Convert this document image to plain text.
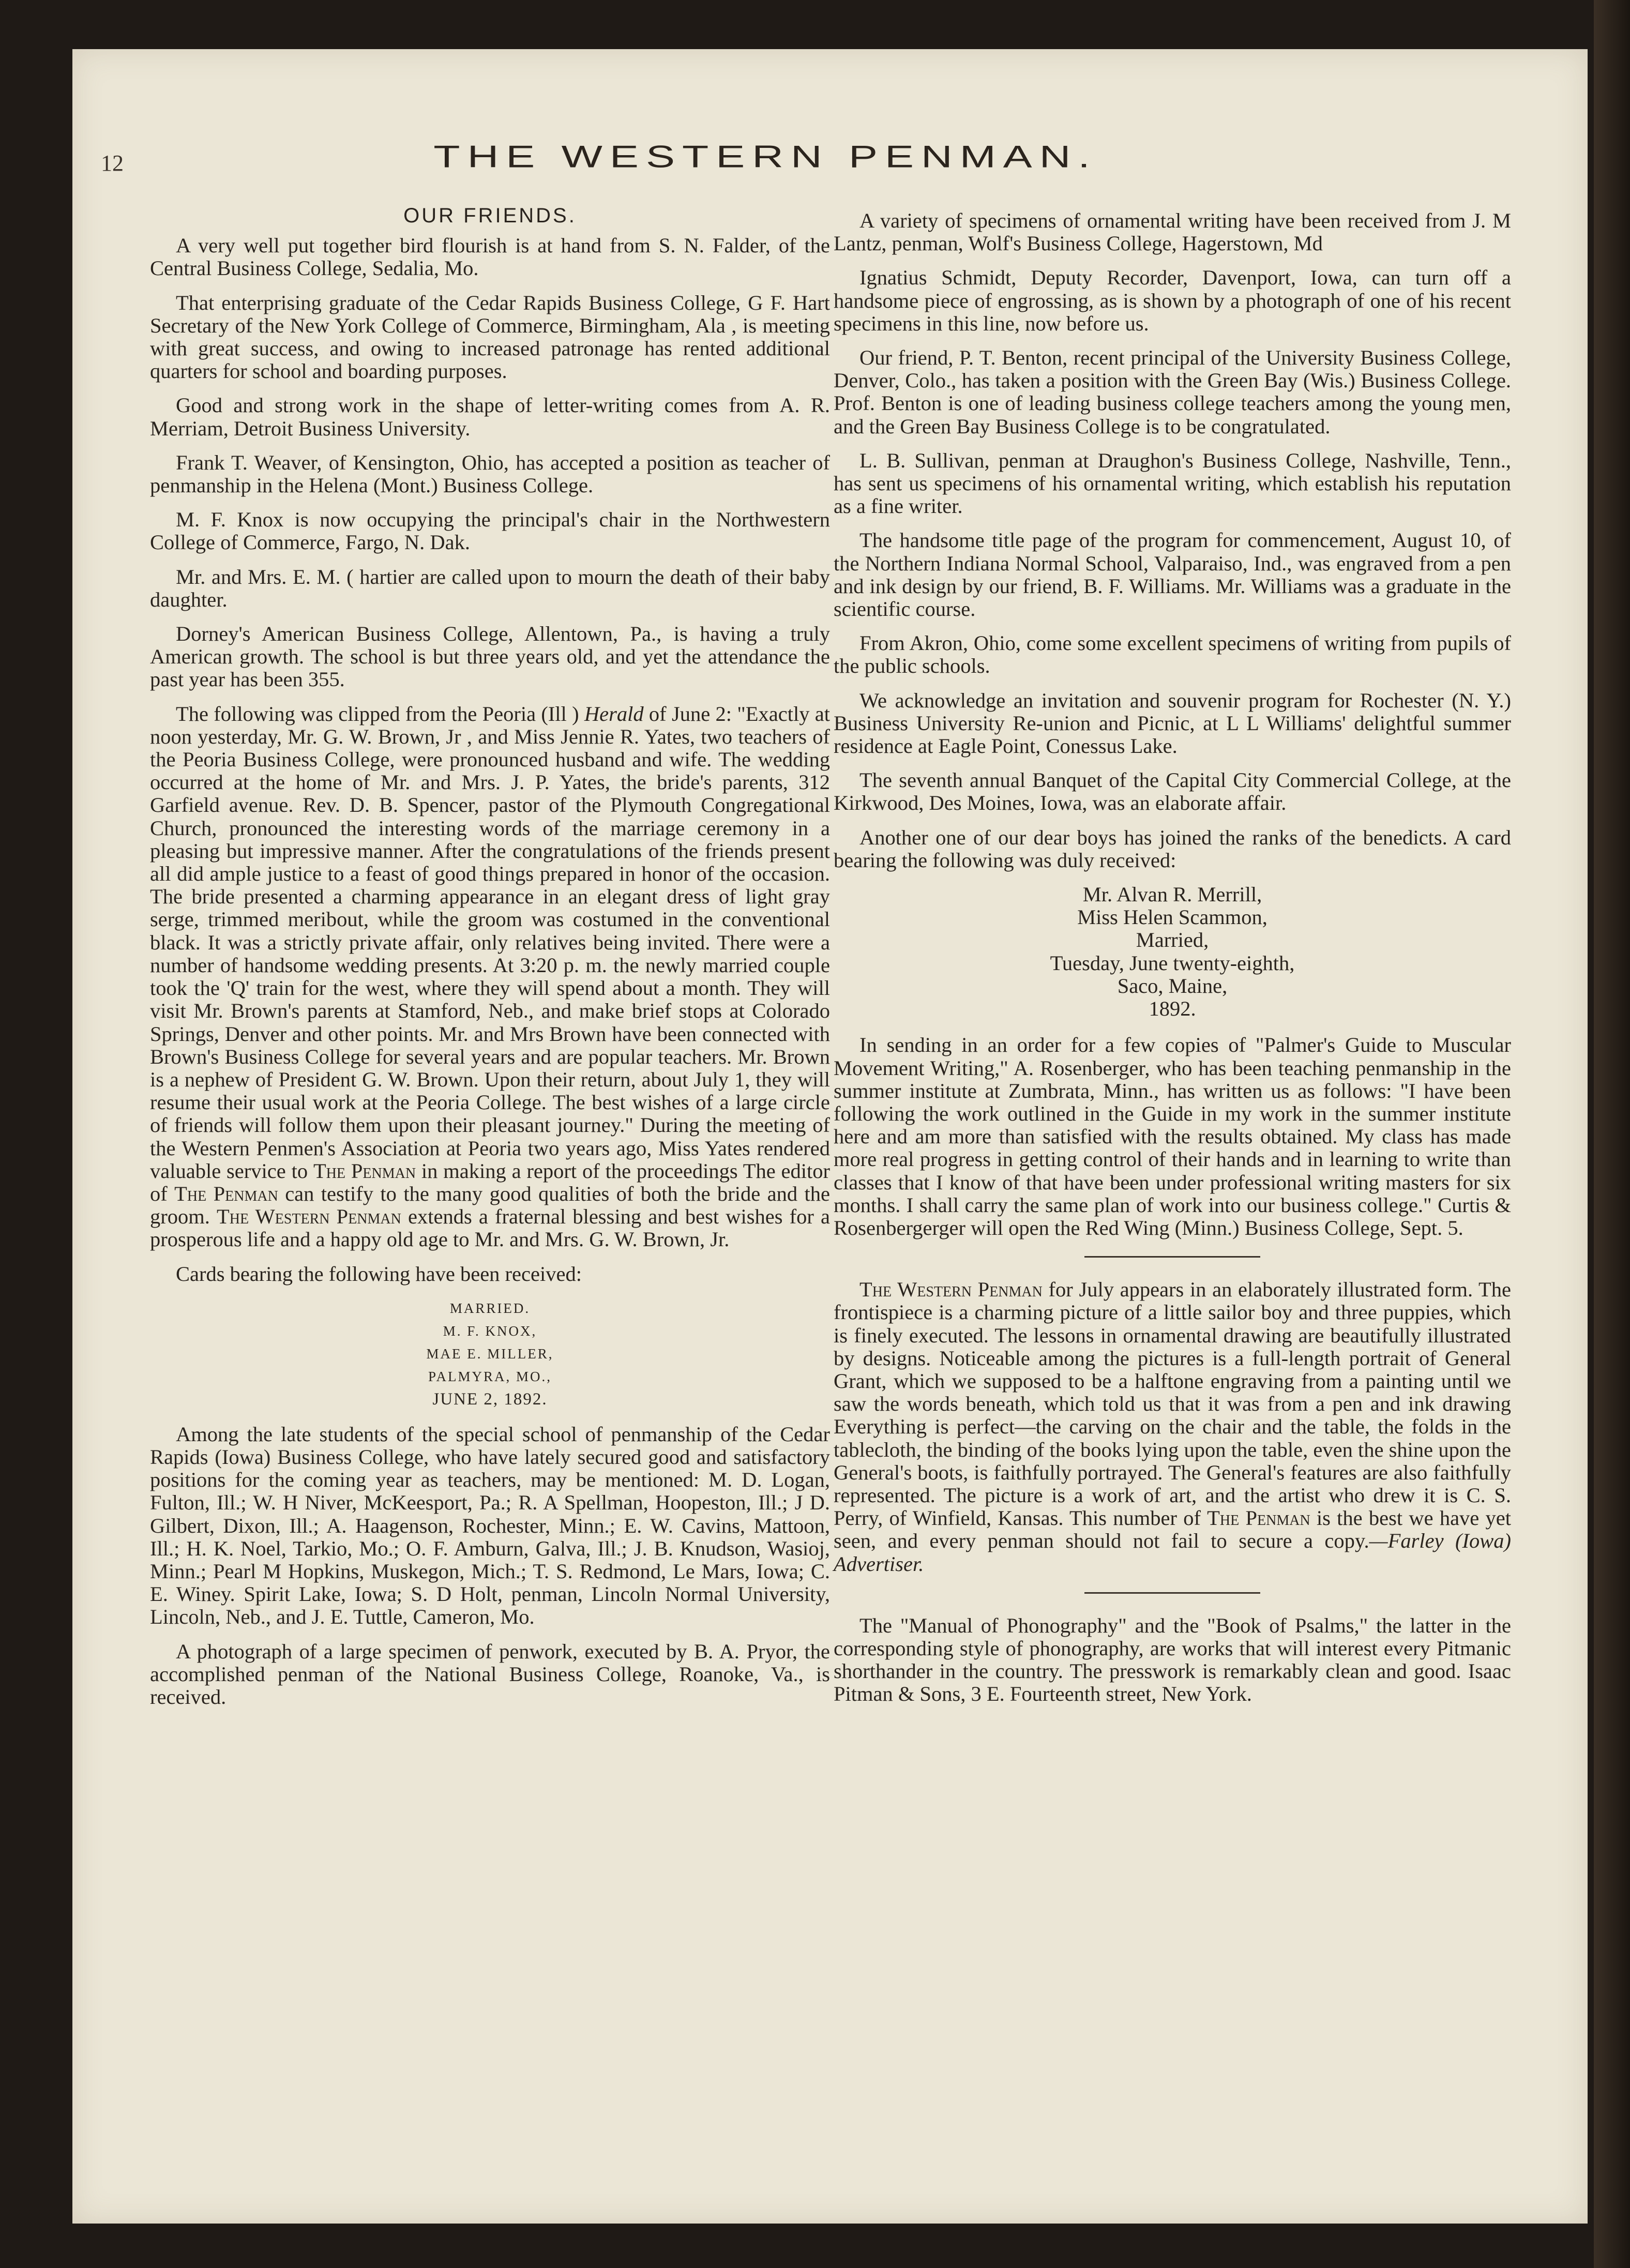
12	THE WESTERN PENMAN.
OUR FRIENDS.

A very well put together bird flourish is at hand from S. N. Falder, of the Central Business College, Sedalia, Mo.

That enterprising graduate of the Cedar Rapids Business College, G F. Hart Secretary of the New York College of Commerce, Birmingham, Ala , is meeting with great success, and owing to increased patronage has rented additional quarters for school and boarding purposes.

Good and strong work in the shape of letter-writing comes from A. R. Merriam, Detroit Business University.

Frank T. Weaver, of Kensington, Ohio, has accepted a position as teacher of penmanship in the Helena (Mont.) Business College.

M. F. Knox is now occupying the principal's chair in the Northwestern College of Commerce, Fargo, N. Dak.

Mr. and Mrs. E. M. ( hartier are called upon to mourn the death of their baby daughter.

Dorney's American Business College, Allentown, Pa., is having a truly American growth. The school is but three years old, and yet the attendance the past year has been 355.

The following was clipped from the Peoria (Ill ) Herald of June 2: "Exactly at noon yesterday, Mr. G. W. Brown, Jr , and Miss Jennie R. Yates, two teachers of the Peoria Business College, were pronounced husband and wife. The wedding occurred at the home of Mr. and Mrs. J. P. Yates, the bride's parents, 312 Garfield avenue. Rev. D. B. Spencer, pastor of the Plymouth Congregational Church, pronounced the interesting words of the marriage ceremony in a pleasing but impressive manner. After the congratulations of the friends present all did ample justice to a feast of good things prepared in honor of the occasion. The bride presented a charming appearance in an elegant dress of light gray serge, trimmed meribout, while the groom was costumed in the conventional black. It was a strictly private affair, only relatives being invited. There were a number of handsome wedding presents. At 3:20 p. m. the newly married couple took the 'Q' train for the west, where they will spend about a month. They will visit Mr. Brown's parents at Stamford, Neb., and make brief stops at Colorado Springs, Denver and other points. Mr. and Mrs Brown have been connected with Brown's Business College for several years and are popular teachers. Mr. Brown is a nephew of President G. W. Brown. Upon their return, about July 1, they will resume their usual work at the Peoria College. The best wishes of a large circle of friends will follow them upon their pleasant journey." During the meeting of the Western Penmen's Association at Peoria two years ago, Miss Yates rendered valuable service to The Penman in making a report of the proceedings The editor of The Penman can testify to the many good qualities of both the bride and the groom. The Western Penman extends a fraternal blessing and best wishes for a prosperous life and a happy old age to Mr. and Mrs. G. W. Brown, Jr.

Cards bearing the following have been received:

MARRIED.
M. F. KNOX,
MAE E. MILLER,
PALMYRA, MO.,
JUNE 2, 1892.

Among the late students of the special school of penmanship of the Cedar Rapids (Iowa) Business College, who have lately secured good and satisfactory positions for the coming year as teachers, may be mentioned: M. D. Logan, Fulton, Ill.; W. H Niver, McKeesport, Pa.; R. A Spellman, Hoopeston, Ill.; J D. Gilbert, Dixon, Ill.; A. Haagenson, Rochester, Minn.; E. W. Cavins, Mattoon, Ill.; H. K. Noel, Tarkio, Mo.; O. F. Amburn, Galva, Ill.; J. B. Knudson, Wasioj, Minn.; Pearl M Hopkins, Muskegon, Mich.; T. S. Redmond, Le Mars, Iowa; C. E. Winey. Spirit Lake, Iowa; S. D Holt, penman, Lincoln Normal University, Lincoln, Neb., and J. E. Tuttle, Cameron, Mo.

A photograph of a large specimen of penwork, executed by B. A. Pryor, the accomplished penman of the National Business College, Roanoke, Va., is received.

A variety of specimens of ornamental writing have been received from J. M Lantz, penman, Wolf's Business College, Hagerstown, Md

Ignatius Schmidt, Deputy Recorder, Davenport, Iowa, can turn off a handsome piece of engrossing, as is shown by a photograph of one of his recent specimens in this line, now before us.

Our friend, P. T. Benton, recent principal of the University Business College, Denver, Colo., has taken a position with the Green Bay (Wis.) Business College. Prof. Benton is one of leading business college teachers among the young men, and the Green Bay Business College is to be congratulated.

L. B. Sullivan, penman at Draughon's Business College, Nashville, Tenn., has sent us specimens of his ornamental writing, which establish his reputation as a fine writer.

The handsome title page of the program for commencement, August 10, of the Northern Indiana Normal School, Valparaiso, Ind., was engraved from a pen and ink design by our friend, B. F. Williams. Mr. Williams was a graduate in the scientific course.

From Akron, Ohio, come some excellent specimens of writing from pupils of the public schools.

We acknowledge an invitation and souvenir program for Rochester (N. Y.) Business University Re-union and Picnic, at L L Williams' delightful summer residence at Eagle Point, Conessus Lake.

The seventh annual Banquet of the Capital City Commercial College, at the Kirkwood, Des Moines, Iowa, was an elaborate affair.

Another one of our dear boys has joined the ranks of the benedicts. A card bearing the following was duly received:

Mr. Alvan R. Merrill,
Miss Helen Scammon,
Married,
Tuesday, June twenty-eighth,
Saco, Maine,
1892.

In sending in an order for a few copies of "Palmer's Guide to Muscular Movement Writing," A. Rosenberger, who has been teaching penmanship in the summer institute at Zumbrata, Minn., has written us as follows: "I have been following the work outlined in the Guide in my work in the summer institute here and am more than satisfied with the results obtained. My class has made more real progress in getting control of their hands and in learning to write than classes that I know of that have been under professional writing masters for six months. I shall carry the same plan of work into our business college." Curtis & Rosenbergerger will open the Red Wing (Minn.) Business College, Sept. 5.

The Western Penman for July appears in an elaborately illustrated form. The frontispiece is a charming picture of a little sailor boy and three puppies, which is finely executed. The lessons in ornamental drawing are beautifully illustrated by designs. Noticeable among the pictures is a full-length portrait of General Grant, which we supposed to be a halftone engraving from a painting until we saw the words beneath, which told us that it was from a pen and ink drawing Everything is perfect—the carving on the chair and the table, the folds in the tablecloth, the binding of the books lying upon the table, even the shine upon the General's boots, is faithfully portrayed. The General's features are also faithfully represented. The picture is a work of art, and the artist who drew it is C. S. Perry, of Winfield, Kansas. This number of The Penman is the best we have yet seen, and every penman should not fail to secure a copy.—Farley (Iowa) Advertiser.

The "Manual of Phonography" and the "Book of Psalms," the latter in the corresponding style of phonography, are works that will interest every Pitmanic shorthander in the country. The presswork is remarkably clean and good. Isaac Pitman & Sons, 3 E. Fourteenth street, New York.
